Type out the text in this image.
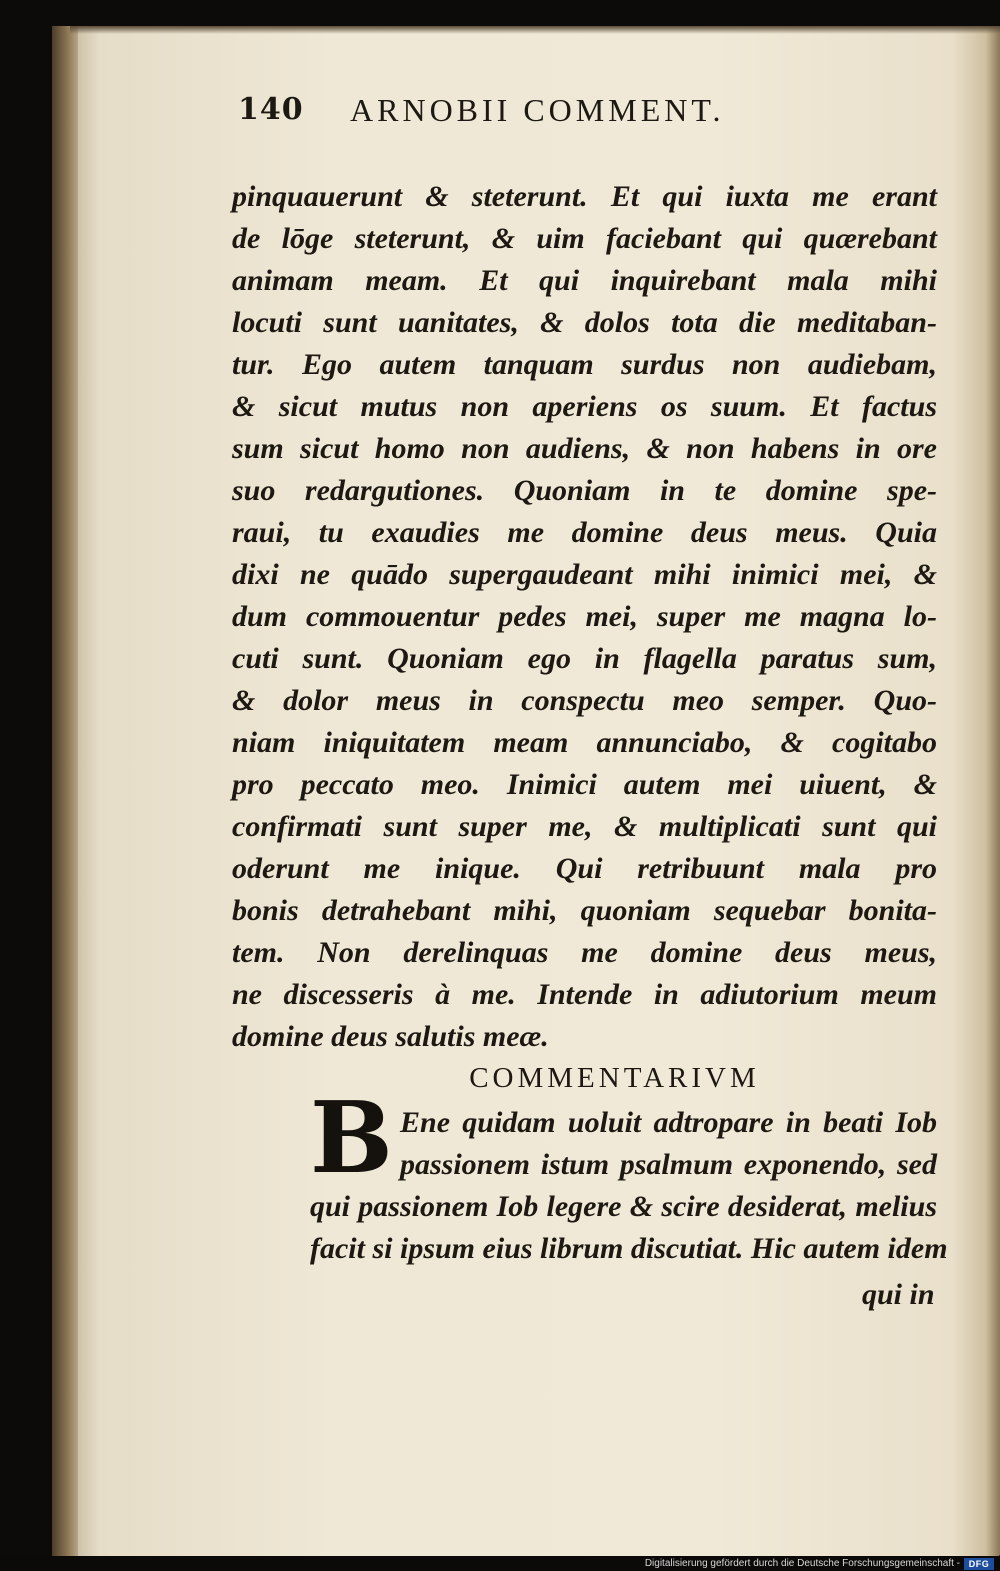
140 ARNOBII COMMENT.
pinquauerunt & steterunt. Et qui iuxta me erant
de lōge steterunt, & uim faciebant qui quærebant
animam meam. Et qui inquirebant mala mihi
locuti sunt uanitates, & dolos tota die meditaban-
tur. Ego autem tanquam surdus non audiebam,
& sicut mutus non aperiens os suum. Et factus
sum sicut homo non audiens, & non habens in ore
suo redargutiones. Quoniam in te domine spe-
raui, tu exaudies me domine deus meus. Quia
dixi ne quādo supergaudeant mihi inimici mei, &
dum commouentur pedes mei, super me magna lo-
cuti sunt. Quoniam ego in flagella paratus sum,
& dolor meus in conspectu meo semper. Quo-
niam iniquitatem meam annunciabo, & cogitabo
pro peccato meo. Inimici autem mei uiuent, &
confirmati sunt super me, & multiplicati sunt qui
oderunt me inique. Qui retribuunt mala pro
bonis detrahebant mihi, quoniam sequebar bonita-
tem. Non derelinquas me domine deus meus,
ne discesseris à me. Intende in adiutorium meum
domine deus salutis meæ.
COMMENTARIVM
B Ene quidam uoluit adtropare in beati Iob
passionem istum psalmum exponendo, sed
qui passionem Iob legere & scire desiderat, melius
facit si ipsum eius librum discutiat. Hic autem idem
qui in
Digitalisierung gefördert durch die Deutsche Forschungsgemeinschaft - DFG
